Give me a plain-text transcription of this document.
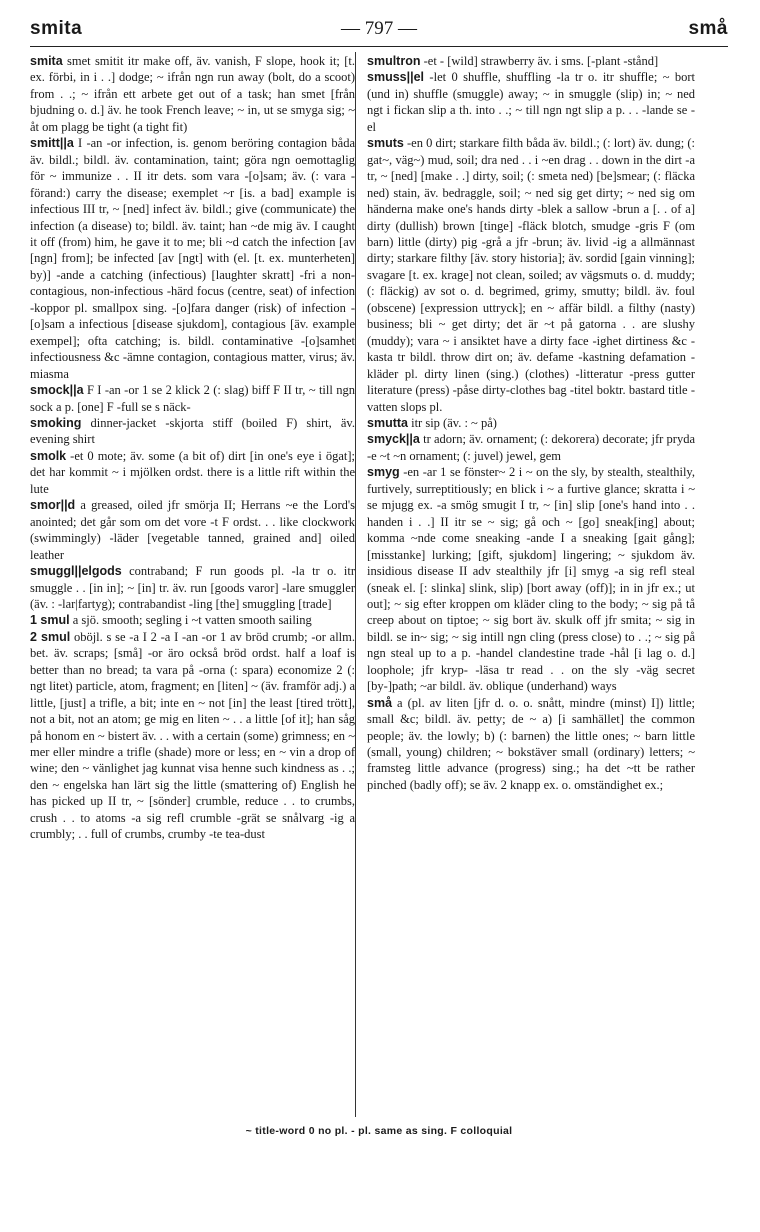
smita	— 797 —	små

smita smet smitit itr make off, äv. vanish, F slope, hook it; [t. ex. förbi, in i . .] dodge; ~ ifrån ngn run away (bolt, do a scoot) from . .; ~ ifrån ett arbete get out of a task; han smet [från bjudning o. d.] äv. he took French leave; ~ in, ut se smyga sig; ~ åt om plagg be tight (a tight fit)

smitt||a I -an -or infection, is. genom beröring contagion båda äv. bildl.; bildl. äv. contamination, taint; göra ngn oemottaglig för ~ immunize . . II itr dets. som vara -[o]sam; äv. (: vara -förand:) carry the disease; exemplet ~r [is. a bad] example is infectious III tr, ~ [ned] infect äv. bildl.; give (communicate) the infection (a disease) to; bildl. äv. taint; han ~de mig äv. I caught it off (from) him, he gave it to me; bli ~d catch the infection [av [ngn] from]; be infected [av [ngt] with (el. [t. ex. munterheten] by)] -ande a catching (infectious) [laughter skratt] -fri a non-contagious, non-infectious -härd focus (centre, seat) of infection -koppor pl. smallpox sing. -[o]fara danger (risk) of infection -[o]sam a infectious [disease sjukdom], contagious [äv. example exempel]; ofta catching; is. bildl. contaminative -[o]samhet infectiousness &c -ämne contagion, contagious matter, virus; äv. miasma

smock||a F I -an -or 1 se 2 klick 2 (: slag) biff F II tr, ~ till ngn sock a p. [one] F -full se s näck-

smoking dinner-jacket -skjorta stiff (boiled F) shirt, äv. evening shirt

smolk -et 0 mote; äv. some (a bit of) dirt [in one's eye i ögat]; det har kommit ~ i mjölken ordst. there is a little rift within the lute

smor||d a greased, oiled jfr smörja II; Herrans ~e the Lord's anointed; det går som om det vore -t F ordst. . . like clockwork (swimmingly) -läder [vegetable tanned, grained and] oiled leather

smuggl||elgods contraband; F run goods pl. -la tr o. itr smuggle . . [in in]; ~ [in] tr. äv. run [goods varor] -lare smuggler (äv. : -lar|fartyg); contrabandist -ling [the] smuggling [trade]

1 smul a sjö. smooth; segling i ~t vatten smooth sailing

2 smul oböjl. s se -a I 2 -a I -an -or 1 av bröd crumb; -or allm. bet. äv. scraps; [små] -or äro också bröd ordst. half a loaf is better than no bread; ta vara på -orna (: spara) economize 2 (: ngt litet) particle, atom, fragment; en [liten] ~ (äv. framför adj.) a little, [just] a trifle, a bit; inte en ~ not [in] the least [tired trött], not a bit, not an atom; ge mig en liten ~ . . a little [of it]; han såg på honom en ~ bistert äv. . . with a certain (some) grimness; en ~ mer eller mindre a trifle (shade) more or less; en ~ vin a drop of wine; den ~ vänlighet jag kunnat visa henne such kindness as . .; den ~ engelska han lärt sig the little (smattering of) English he has picked up II tr, ~ [sönder] crumble, reduce . . to crumbs, crush . . to atoms -a sig refl crumble -grät se snålvarg -ig a crumbly; . . full of crumbs, crumby -te tea-dust

smultron -et - [wild] strawberry äv. i sms. [-plant -stånd]

smuss||el -let 0 shuffle, shuffling -la tr o. itr shuffle; ~ bort (und in) shuffle (smuggle) away; ~ in smuggle (slip) in; ~ ned ngt i fickan slip a th. into . .; ~ till ngn ngt slip a p. . . -lande se -el

smuts -en 0 dirt; starkare filth båda äv. bildl.; (: lort) äv. dung; (: gat~, väg~) mud, soil; dra ned . . i ~en drag . . down in the dirt -a tr, ~ [ned] [make . .] dirty, soil; (: smeta ned) [be]smear; (: fläcka ned) stain, äv. bedraggle, soil; ~ ned sig get dirty; ~ ned sig om händerna make one's hands dirty -blek a sallow -brun a [. . of a] dirty (dullish) brown [tinge] -fläck blotch, smudge -gris F (om barn) little (dirty) pig -grå a jfr -brun; äv. livid -ig a allmännast dirty; starkare filthy [äv. story historia]; äv. sordid [gain vinning]; svagare [t. ex. krage] not clean, soiled; av vägsmuts o. d. muddy; (: fläckig) av sot o. d. begrimed, grimy, smutty; bildl. äv. foul (obscene) [expression uttryck]; en ~ affär bildl. a filthy (nasty) business; bli ~ get dirty; det är ~t på gatorna . . are slushy (muddy); vara ~ i ansiktet have a dirty face -ighet dirtiness &c -kasta tr bildl. throw dirt on; äv. defame -kastning defamation -kläder pl. dirty linen (sing.) (clothes) -litteratur -press gutter literature (press) -påse dirty-clothes bag -titel boktr. bastard title -vatten slops pl.

smutta itr sip (äv. : ~ på)

smyck||a tr adorn; äv. ornament; (: dekorera) decorate; jfr pryda -e ~t ~n ornament; (: juvel) jewel, gem

smyg -en -ar 1 se fönster~ 2 i ~ on the sly, by stealth, stealthily, furtively, surreptitiously; en blick i ~ a furtive glance; skratta i ~ se mjugg ex. -a smög smugit I tr, ~ [in] slip [one's hand into . . handen i . .] II itr se ~ sig; gå och ~ [go] sneak[ing] about; komma ~nde come sneaking -ande I a sneaking [gait gång]; [misstanke] lurking; [gift, sjukdom] lingering; ~ sjukdom äv. insidious disease II adv stealthily jfr [i] smyg -a sig refl steal (sneak el. [: slinka] slink, slip) [bort away (off)]; in in jfr ex.; ut out]; ~ sig efter kroppen om kläder cling to the body; ~ sig på tå creep about on tiptoe; ~ sig bort äv. skulk off jfr smita; ~ sig in bildl. se in~ sig; ~ sig intill ngn cling (press close) to . .; ~ sig på ngn steal up to a p. -handel clandestine trade -hål [i lag o. d.] loophole; jfr kryp- -läsa tr read . . on the sly -väg secret [by-]path; ~ar bildl. äv. oblique (underhand) ways

små a (pl. av liten [jfr d. o. o. snått, mindre (minst) I]) little; small &c; bildl. äv. petty; de ~ a) [i samhället] the common people; äv. the lowly; b) (: barnen) the little ones; ~ barn little (small, young) children; ~ bokstäver small (ordinary) letters; ~ framsteg little advance (progress) sing.; ha det ~tt be rather pinched (badly off); se äv. 2 knapp ex. o. omständighet ex.;

~ title-word 0 no pl. - pl. same as sing. F colloquial
